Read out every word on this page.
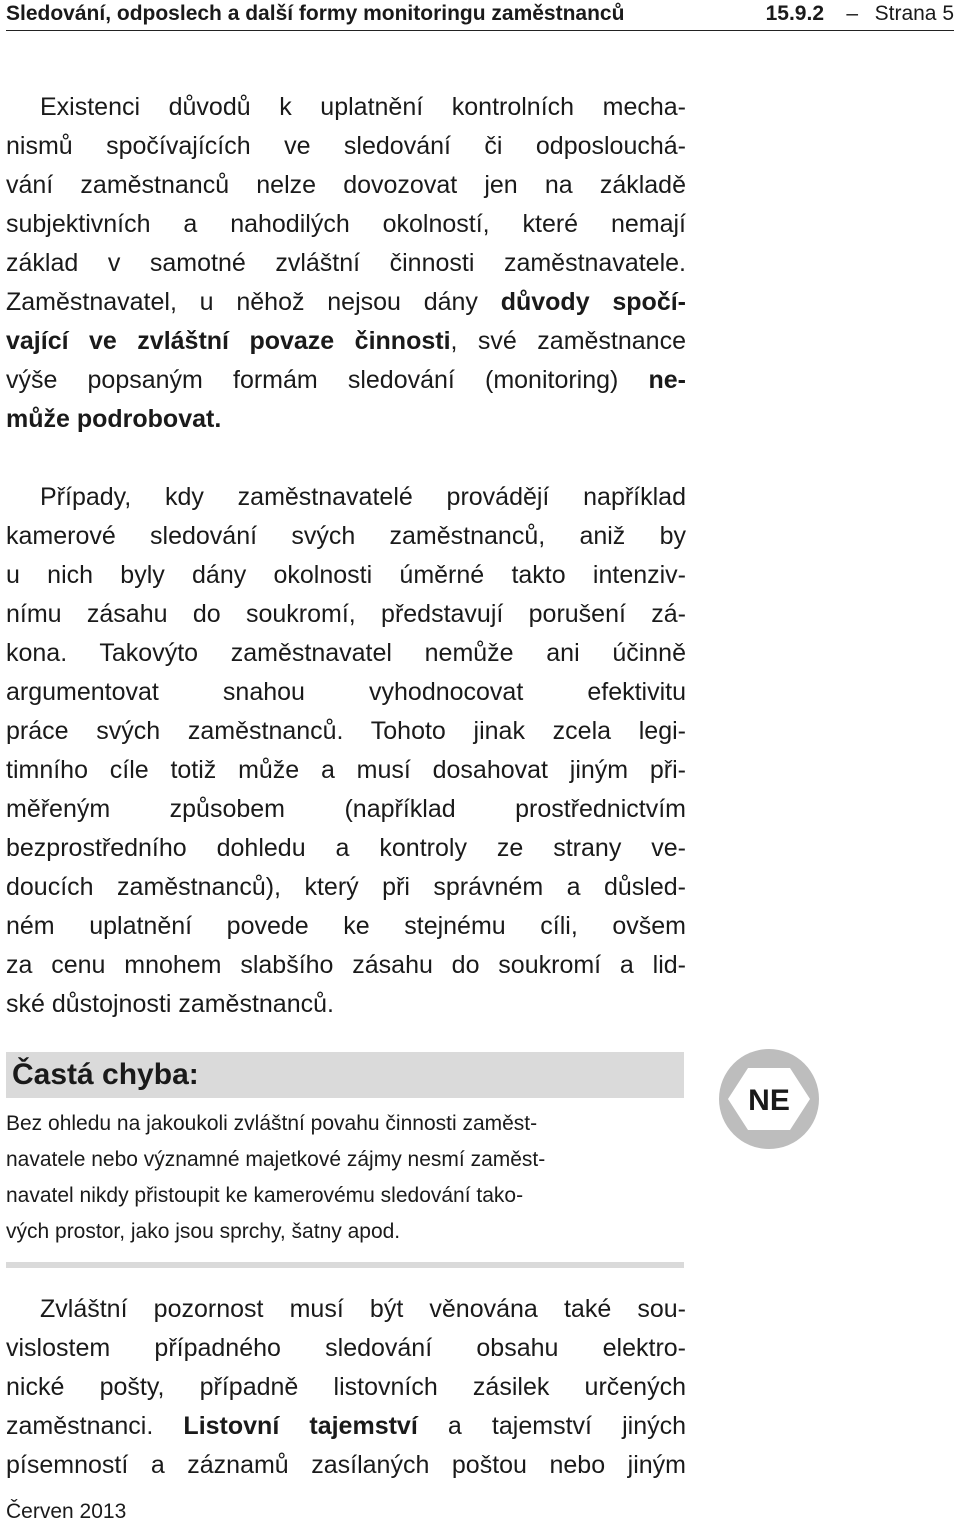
Sledování, odposlech a další formy monitoringu zaměstnanců	15.9.2 – Strana 5
Existenci důvodů k uplatnění kontrolních mecha-
nismů spočívajících ve sledování či odposlouchá-
vání zaměstnanců nelze dovozovat jen na základě
subjektivních a nahodilých okolností, které nemají
základ v samotné zvláštní činnosti zaměstnavatele.
Zaměstnavatel, u něhož nejsou dány důvody spočí-
vající ve zvláštní povaze činnosti, své zaměstnance
výše popsaným formám sledování (monitoring) ne-
může podrobovat.
Případy, kdy zaměstnavatelé provádějí například
kamerové sledování svých zaměstnanců, aniž by
u nich byly dány okolnosti úměrné takto intenziv-
nímu zásahu do soukromí, představují porušení zá-
kona. Takovýto zaměstnavatel nemůže ani účinně
argumentovat snahou vyhodnocovat efektivitu
práce svých zaměstnanců. Tohoto jinak zcela legi-
timního cíle totiž může a musí dosahovat jiným při-
měřeným způsobem (například prostřednictvím
bezprostředního dohledu a kontroly ze strany ve-
doucích zaměstnanců), který při správném a důsled-
ném uplatnění povede ke stejnému cíli, ovšem
za cenu mnohem slabšího zásahu do soukromí a lid-
ské důstojnosti zaměstnanců.
Častá chyba:
Bez ohledu na jakoukoli zvláštní povahu činnosti zaměst-
navatele nebo významné majetkové zájmy nesmí zaměst-
navatel nikdy přistoupit ke kamerovému sledování tako-
vých prostor, jako jsou sprchy, šatny apod.
NE
Zvláštní pozornost musí být věnována také sou-
vislostem případného sledování obsahu elektro-
nické pošty, případně listovních zásilek určených
zaměstnanci. Listovní tajemství a tajemství jiných
písemností a záznamů zasílaných poštou nebo jiným
Červen 2013
